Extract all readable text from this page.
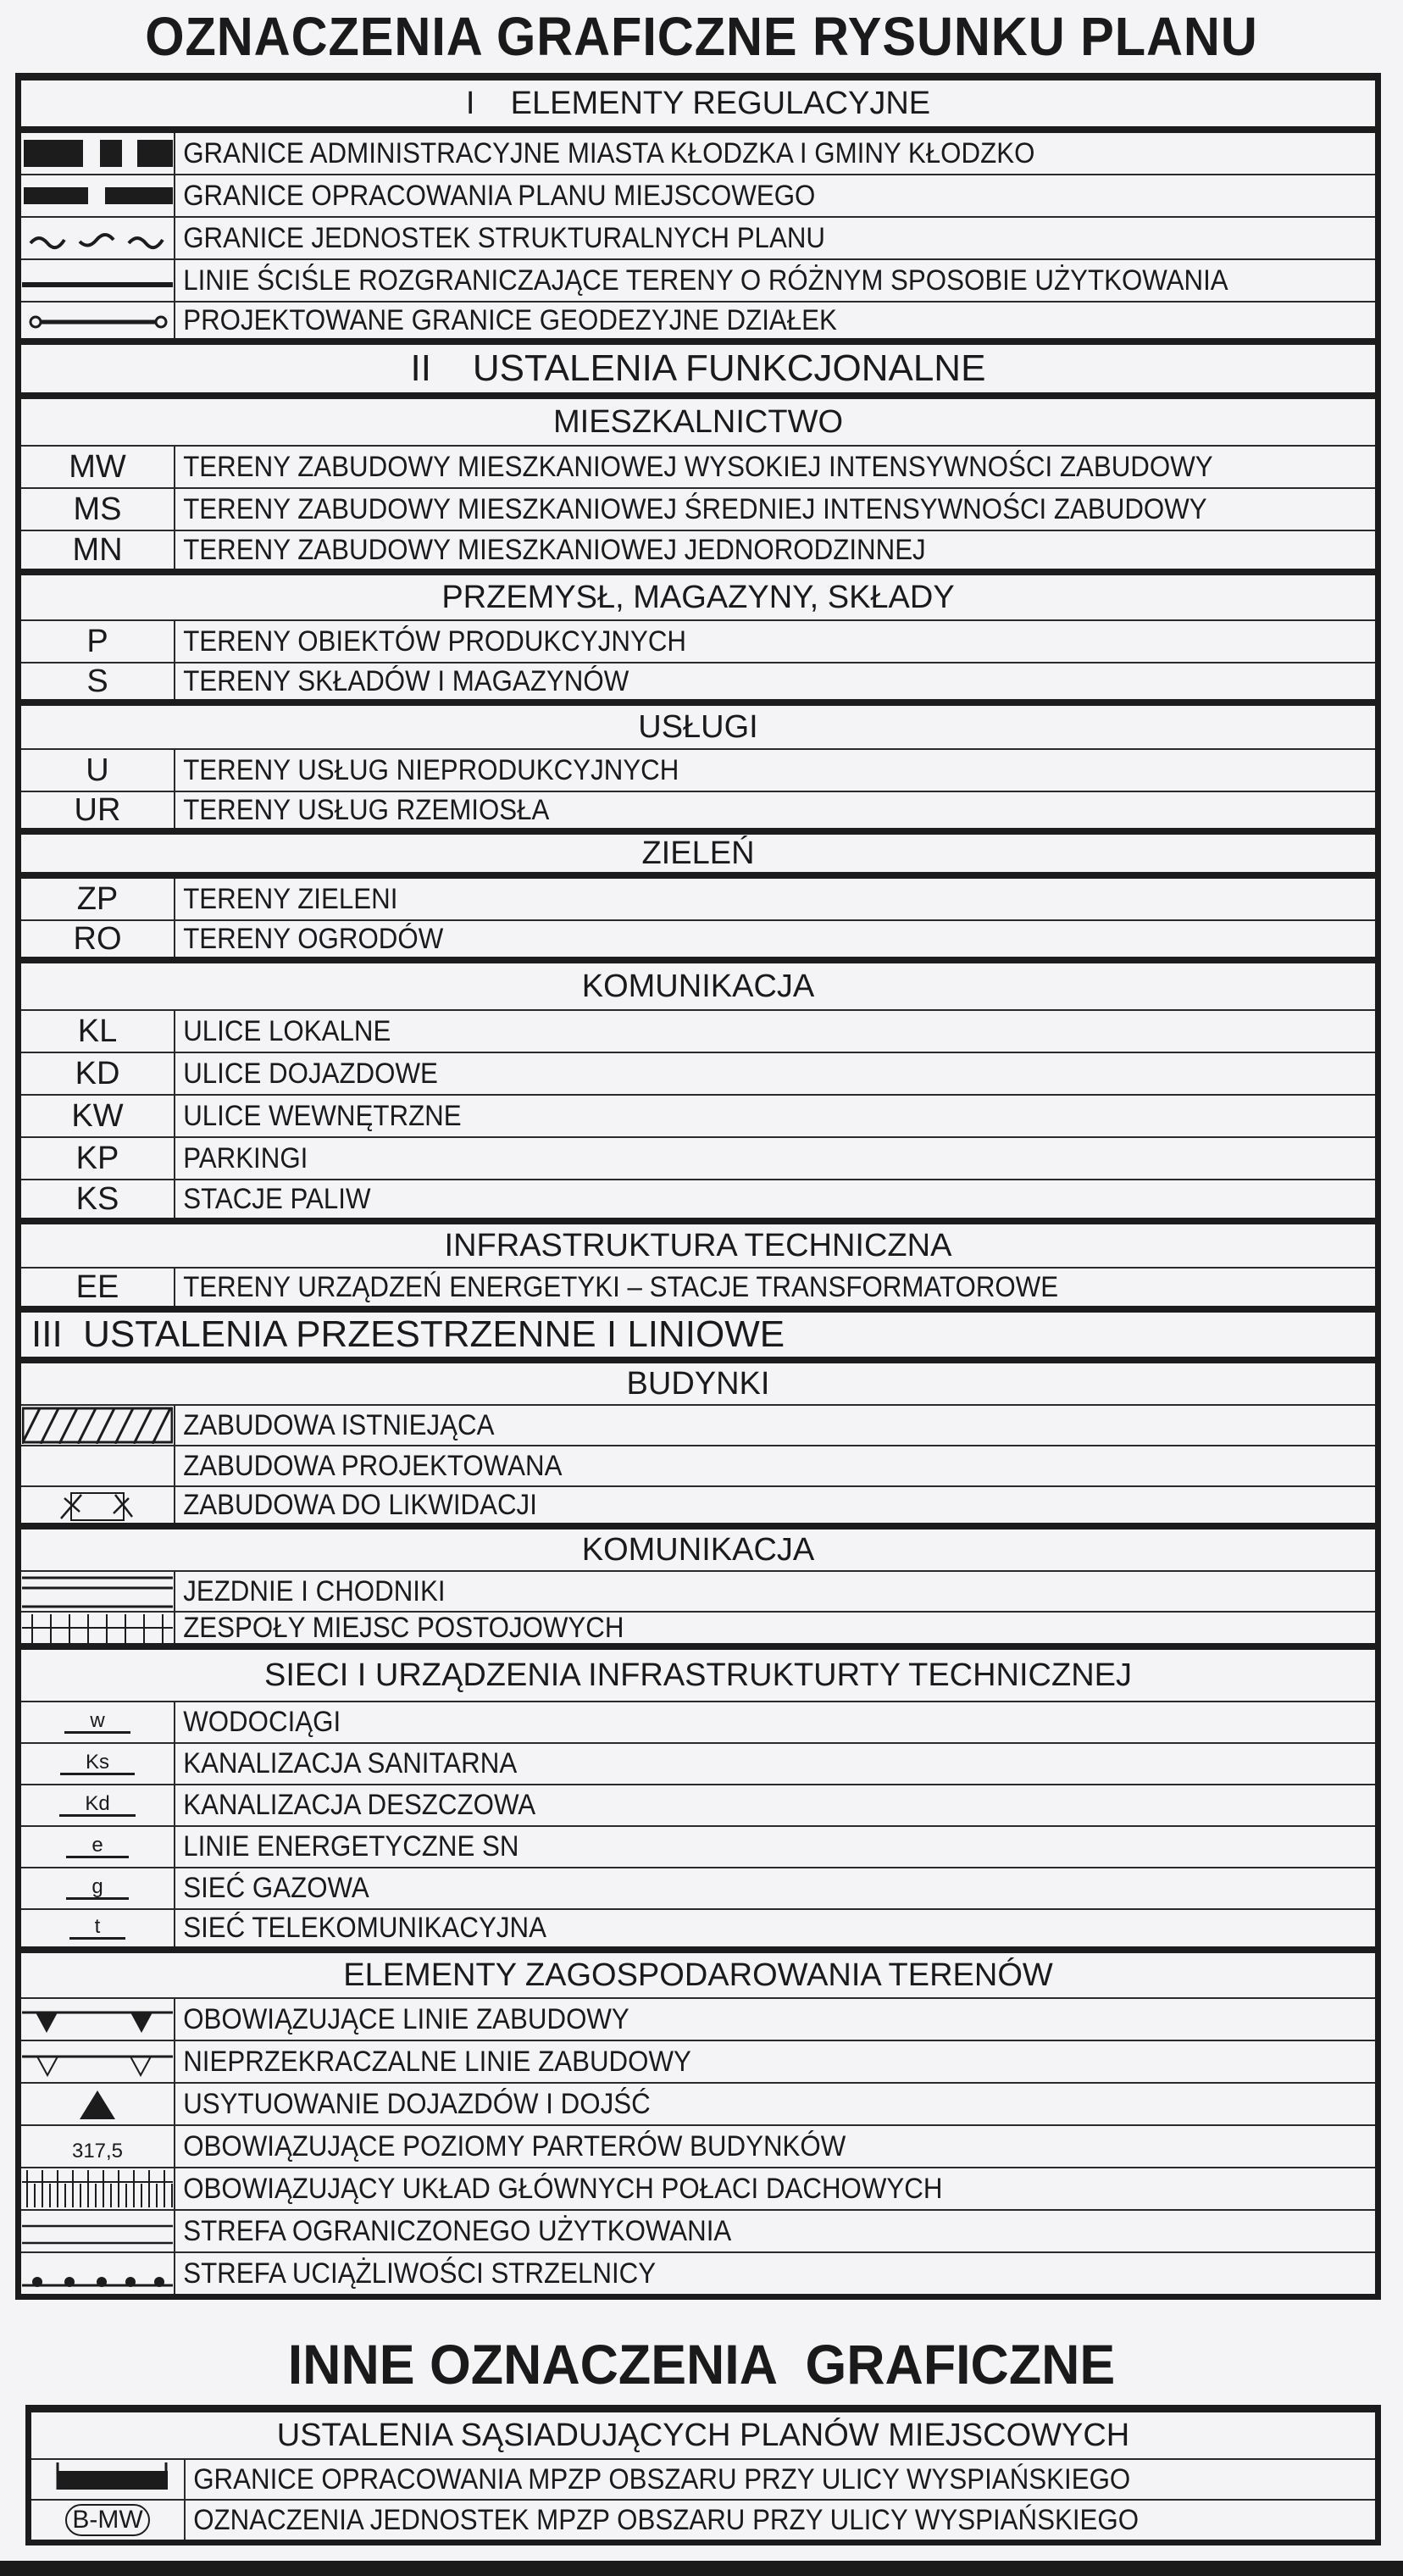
OZNACZENIA GRAFICZNE RYSUNKU PLANU
I    ELEMENTY REGULACYJNE
GRANICE ADMINISTRACYJNE MIASTA KŁODZKA I GMINY KŁODZKO
GRANICE OPRACOWANIA PLANU MIEJSCOWEGO
GRANICE JEDNOSTEK STRUKTURALNYCH PLANU
LINIE ŚCIŚLE ROZGRANICZAJĄCE TERENY O RÓŻNYM SPOSOBIE UŻYTKOWANIA
PROJEKTOWANE GRANICE GEODEZYJNE DZIAŁEK
II    USTALENIA FUNKCJONALNE
MIESZKALNICTWO
MW	TERENY ZABUDOWY MIESZKANIOWEJ WYSOKIEJ INTENSYWNOŚCI ZABUDOWY
MS	TERENY ZABUDOWY MIESZKANIOWEJ ŚREDNIEJ INTENSYWNOŚCI ZABUDOWY
MN	TERENY ZABUDOWY MIESZKANIOWEJ JEDNORODZINNEJ
PRZEMYSŁ, MAGAZYNY, SKŁADY
P	TERENY OBIEKTÓW PRODUKCYJNYCH
S	TERENY SKŁADÓW I MAGAZYNÓW
USŁUGI
U	TERENY USŁUG NIEPRODUKCYJNYCH
UR	TERENY USŁUG RZEMIOSŁA
ZIELEŃ
ZP	TERENY ZIELENI
RO	TERENY OGRODÓW
KOMUNIKACJA
KL	ULICE LOKALNE
KD	ULICE DOJAZDOWE
KW	ULICE WEWNĘTRZNE
KP	PARKINGI
KS	STACJE PALIW
INFRASTRUKTURA TECHNICZNA
EE	TERENY URZĄDZEŃ ENERGETYKI – STACJE TRANSFORMATOROWE
III  USTALENIA PRZESTRZENNE I LINIOWE
BUDYNKI
ZABUDOWA ISTNIEJĄCA
ZABUDOWA PROJEKTOWANA
ZABUDOWA DO LIKWIDACJI
KOMUNIKACJA
JEZDNIE I CHODNIKI
ZESPOŁY MIEJSC POSTOJOWYCH
SIECI I URZĄDZENIA INFRASTRUKTURTY TECHNICZNEJ
w	WODOCIĄGI
Ks	KANALIZACJA SANITARNA
Kd	KANALIZACJA DESZCZOWA
e	LINIE ENERGETYCZNE SN
g	SIEĆ GAZOWA
t	SIEĆ TELEKOMUNIKACYJNA
ELEMENTY ZAGOSPODAROWANIA TERENÓW
OBOWIĄZUJĄCE LINIE ZABUDOWY
NIEPRZEKRACZALNE LINIE ZABUDOWY
USYTUOWANIE DOJAZDÓW I DOJŚĆ
317,5 OBOWIĄZUJĄCE POZIOMY PARTERÓW BUDYNKÓW
OBOWIĄZUJĄCY UKŁAD GŁÓWNYCH POŁACI DACHOWYCH
STREFA OGRANICZONEGO UŻYTKOWANIA
STREFA UCIĄŻLIWOŚCI STRZELNICY
INNE OZNACZENIA  GRAFICZNE
USTALENIA SĄSIADUJĄCYCH PLANÓW MIEJSCOWYCH
GRANICE OPRACOWANIA MPZP OBSZARU PRZY ULICY WYSPIAŃSKIEGO
B-MW OZNACZENIA JEDNOSTEK MPZP OBSZARU PRZY ULICY WYSPIAŃSKIEGO
